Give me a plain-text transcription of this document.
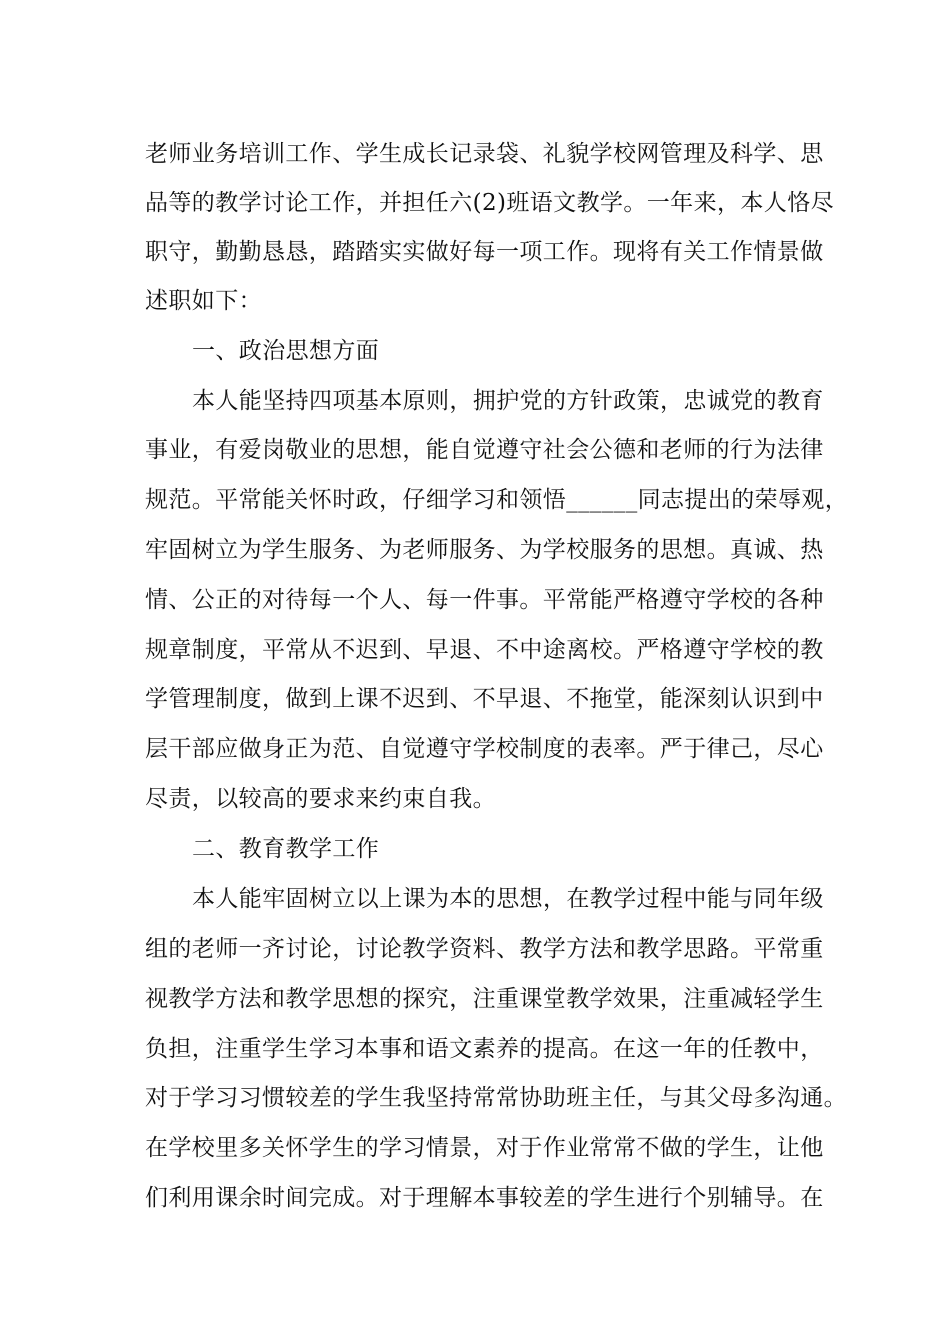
老师业务培训工作、学生成长记录袋、礼貌学校网管理及科学、思
品等的教学讨论工作，并担任六(2)班语文教学。一年来，本人恪尽
职守，勤勤恳恳，踏踏实实做好每一项工作。现将有关工作情景做
述职如下：
一、政治思想方面
本人能坚持四项基本原则，拥护党的方针政策，忠诚党的教育
事业，有爱岗敬业的思想，能自觉遵守社会公德和老师的行为法律
规范。平常能关怀时政，仔细学习和领悟______同志提出的荣辱观，
牢固树立为学生服务、为老师服务、为学校服务的思想。真诚、热
情、公正的对待每一个人、每一件事。平常能严格遵守学校的各种
规章制度，平常从不迟到、早退、不中途离校。严格遵守学校的教
学管理制度，做到上课不迟到、不早退、不拖堂，能深刻认识到中
层干部应做身正为范、自觉遵守学校制度的表率。严于律己，尽心
尽责，以较高的要求来约束自我。
二、教育教学工作
本人能牢固树立以上课为本的思想，在教学过程中能与同年级
组的老师一齐讨论，讨论教学资料、教学方法和教学思路。平常重
视教学方法和教学思想的探究，注重课堂教学效果，注重减轻学生
负担，注重学生学习本事和语文素养的提高。在这一年的任教中，
对于学习习惯较差的学生我坚持常常协助班主任，与其父母多沟通。
在学校里多关怀学生的学习情景，对于作业常常不做的学生，让他
们利用课余时间完成。对于理解本事较差的学生进行个别辅导。在
